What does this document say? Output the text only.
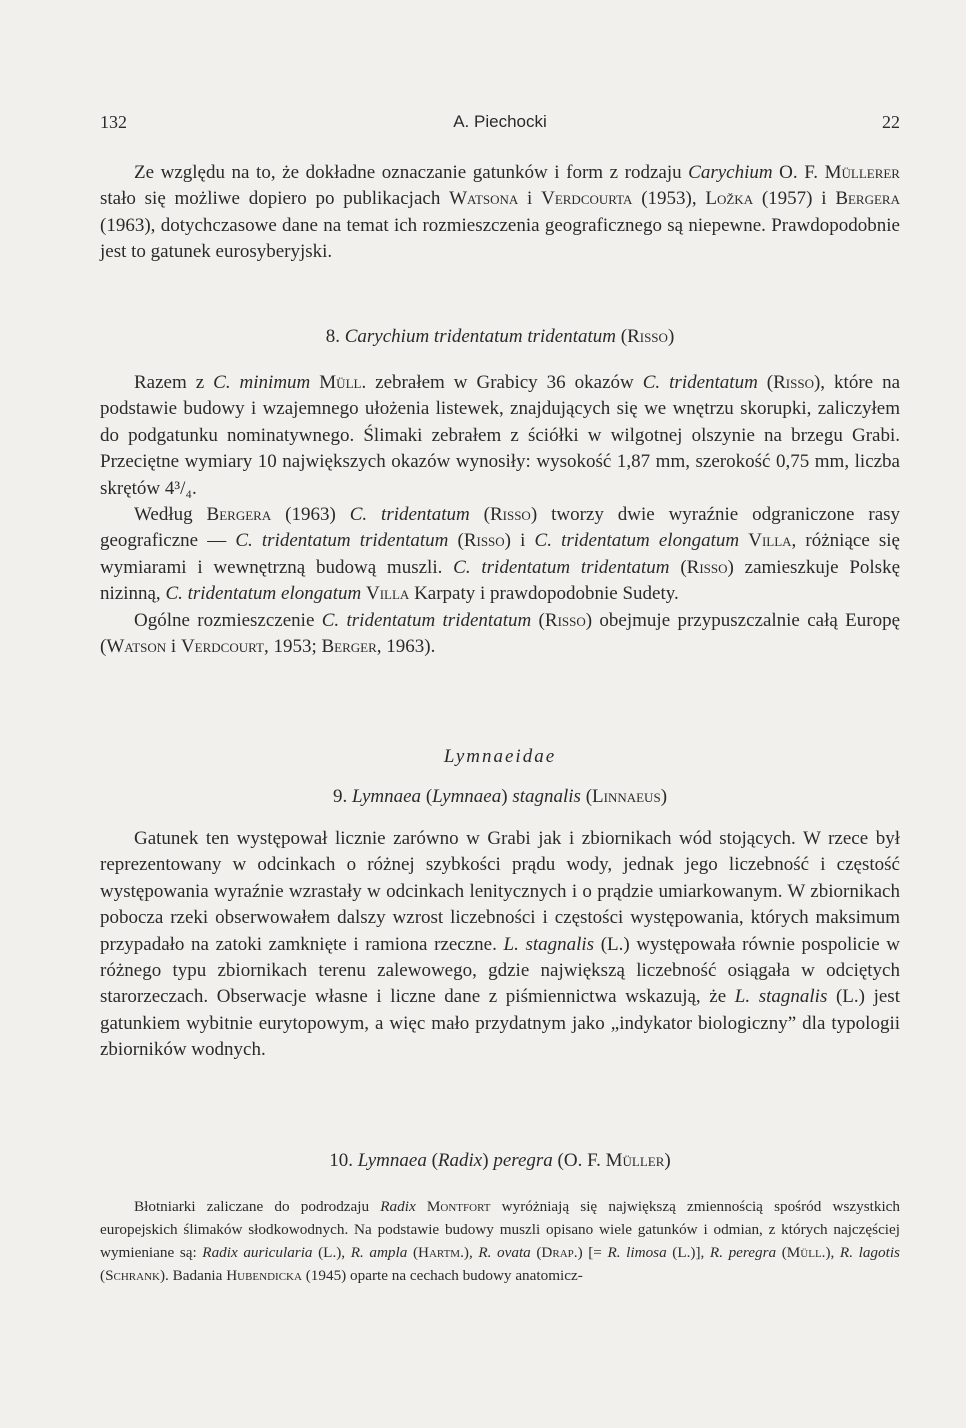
132	A. Piechocki	22

Ze względu na to, że dokładne oznaczanie gatunków i form z rodzaju Carychium O. F. Müllerer stało się możliwe dopiero po publikacjach Watsona i Verdcourta (1953), Ložka (1957) i Bergera (1963), dotychczasowe dane na temat ich rozmieszczenia geograficznego są niepewne. Prawdopodobnie jest to gatunek eurosyberyjski.

8. Carychium tridentatum tridentatum (Risso)

Razem z C. minimum Müll. zebrałem w Grabicy 36 okazów C. tridentatum (Risso), które na podstawie budowy i wzajemnego ułożenia listewek, znajdujących się we wnętrzu skorupki, zaliczyłem do podgatunku nominatywnego. Ślimaki zebrałem z ściółki w wilgotnej olszynie na brzegu Grabi. Przeciętne wymiary 10 największych okazów wynosiły: wysokość 1,87 mm, szerokość 0,75 mm, liczba skrętów 4³/₄.

Według Bergera (1963) C. tridentatum (Risso) tworzy dwie wyraźnie odgraniczone rasy geograficzne — C. tridentatum tridentatum (Risso) i C. tridentatum elongatum Villa, różniące się wymiarami i wewnętrzną budową muszli. C. tridentatum tridentatum (Risso) zamieszkuje Polskę nizinną, C. tridentatum elongatum Villa Karpaty i prawdopodobnie Sudety.

Ogólne rozmieszczenie C. tridentatum tridentatum (Risso) obejmuje przypuszczalnie całą Europę (Watson i Verdcourt, 1953; Berger, 1963).

Lymnaeidae
9. Lymnaea (Lymnaea) stagnalis (Linnaeus)

Gatunek ten występował licznie zarówno w Grabi jak i zbiornikach wód stojących. W rzece był reprezentowany w odcinkach o różnej szybkości prądu wody, jednak jego liczebność i częstość występowania wyraźnie wzrastały w odcinkach lenitycznych i o prądzie umiarkowanym. W zbiornikach pobocza rzeki obserwowałem dalszy wzrost liczebności i częstości występowania, których maksimum przypadało na zatoki zamknięte i ramiona rzeczne. L. stagnalis (L.) występowała równie pospolicie w różnego typu zbiornikach terenu zalewowego, gdzie największą liczebność osiągała w odciętych starorzeczach. Obserwacje własne i liczne dane z piśmiennictwa wskazują, że L. stagnalis (L.) jest gatunkiem wybitnie eurytopowym, a więc mało przydatnym jako „indykator biologiczny” dla typologii zbiorników wodnych.

10. Lymnaea (Radix) peregra (O. F. Müller)

Błotniarki zaliczane do podrodzaju Radix Montfort wyróżniają się największą zmiennością spośród wszystkich europejskich ślimaków słodkowodnych. Na podstawie budowy muszli opisano wiele gatunków i odmian, z których najczęściej wymieniane są: Radix auricularia (L.), R. ampla (Hartm.), R. ovata (Drap.) [= R. limosa (L.)], R. peregra (Müll.), R. lagotis (Schrank). Badania Hubendicka (1945) oparte na cechach budowy anatomicz-
